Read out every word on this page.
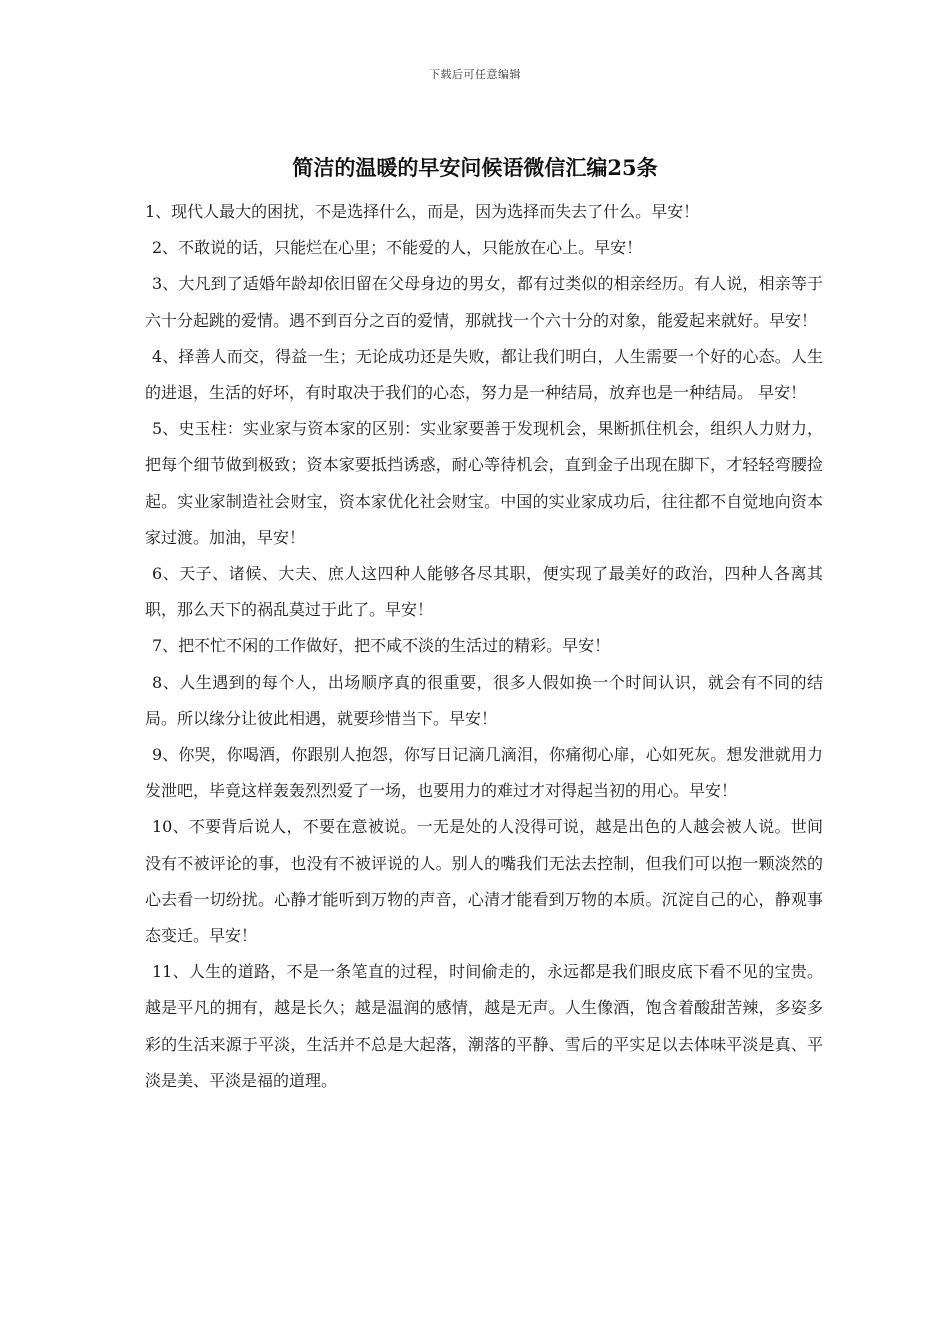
下载后可任意编辑
简洁的温暖的早安问候语微信汇编25条

1、现代人最大的困扰，不是选择什么，而是，因为选择而失去了什么。早安！

2、不敢说的话，只能烂在心里；不能爱的人，只能放在心上。早安！

3、大凡到了适婚年龄却依旧留在父母身边的男女，都有过类似的相亲经历。有人说，相亲等于六十分起跳的爱情。遇不到百分之百的爱情，那就找一个六十分的对象，能爱起来就好。早安！

4、择善人而交，得益一生；无论成功还是失败，都让我们明白，人生需要一个好的心态。人生的进退，生活的好坏，有时取决于我们的心态，努力是一种结局，放弃也是一种结局。 早安！

5、史玉柱：实业家与资本家的区别：实业家要善于发现机会，果断抓住机会，组织人力财力，把每个细节做到极致；资本家要抵挡诱惑，耐心等待机会，直到金子出现在脚下，才轻轻弯腰捡起。实业家制造社会财宝，资本家优化社会财宝。中国的实业家成功后，往往都不自觉地向资本家过渡。加油，早安！

6、天子、诸候、大夫、庶人这四种人能够各尽其职，便实现了最美好的政治，四种人各离其职，那么天下的祸乱莫过于此了。早安！

7、把不忙不闲的工作做好，把不咸不淡的生活过的精彩。早安！

8、人生遇到的每个人，出场顺序真的很重要，很多人假如换一个时间认识，就会有不同的结局。所以缘分让彼此相遇，就要珍惜当下。早安！

9、你哭，你喝酒，你跟别人抱怨，你写日记滴几滴泪，你痛彻心扉，心如死灰。想发泄就用力发泄吧，毕竟这样轰轰烈烈爱了一场，也要用力的难过才对得起当初的用心。早安！

10、不要背后说人，不要在意被说。一无是处的人没得可说，越是出色的人越会被人说。世间没有不被评论的事，也没有不被评说的人。别人的嘴我们无法去控制，但我们可以抱一颗淡然的心去看一切纷扰。心静才能听到万物的声音，心清才能看到万物的本质。沉淀自己的心，静观事态变迁。早安！

11、人生的道路，不是一条笔直的过程，时间偷走的，永远都是我们眼皮底下看不见的宝贵。 越是平凡的拥有，越是长久；越是温润的感情，越是无声。人生像酒，饱含着酸甜苦辣，多姿多彩的生活来源于平淡，生活并不总是大起落，潮落的平静、雪后的平实足以去体味平淡是真、平淡是美、平淡是福的道理。
